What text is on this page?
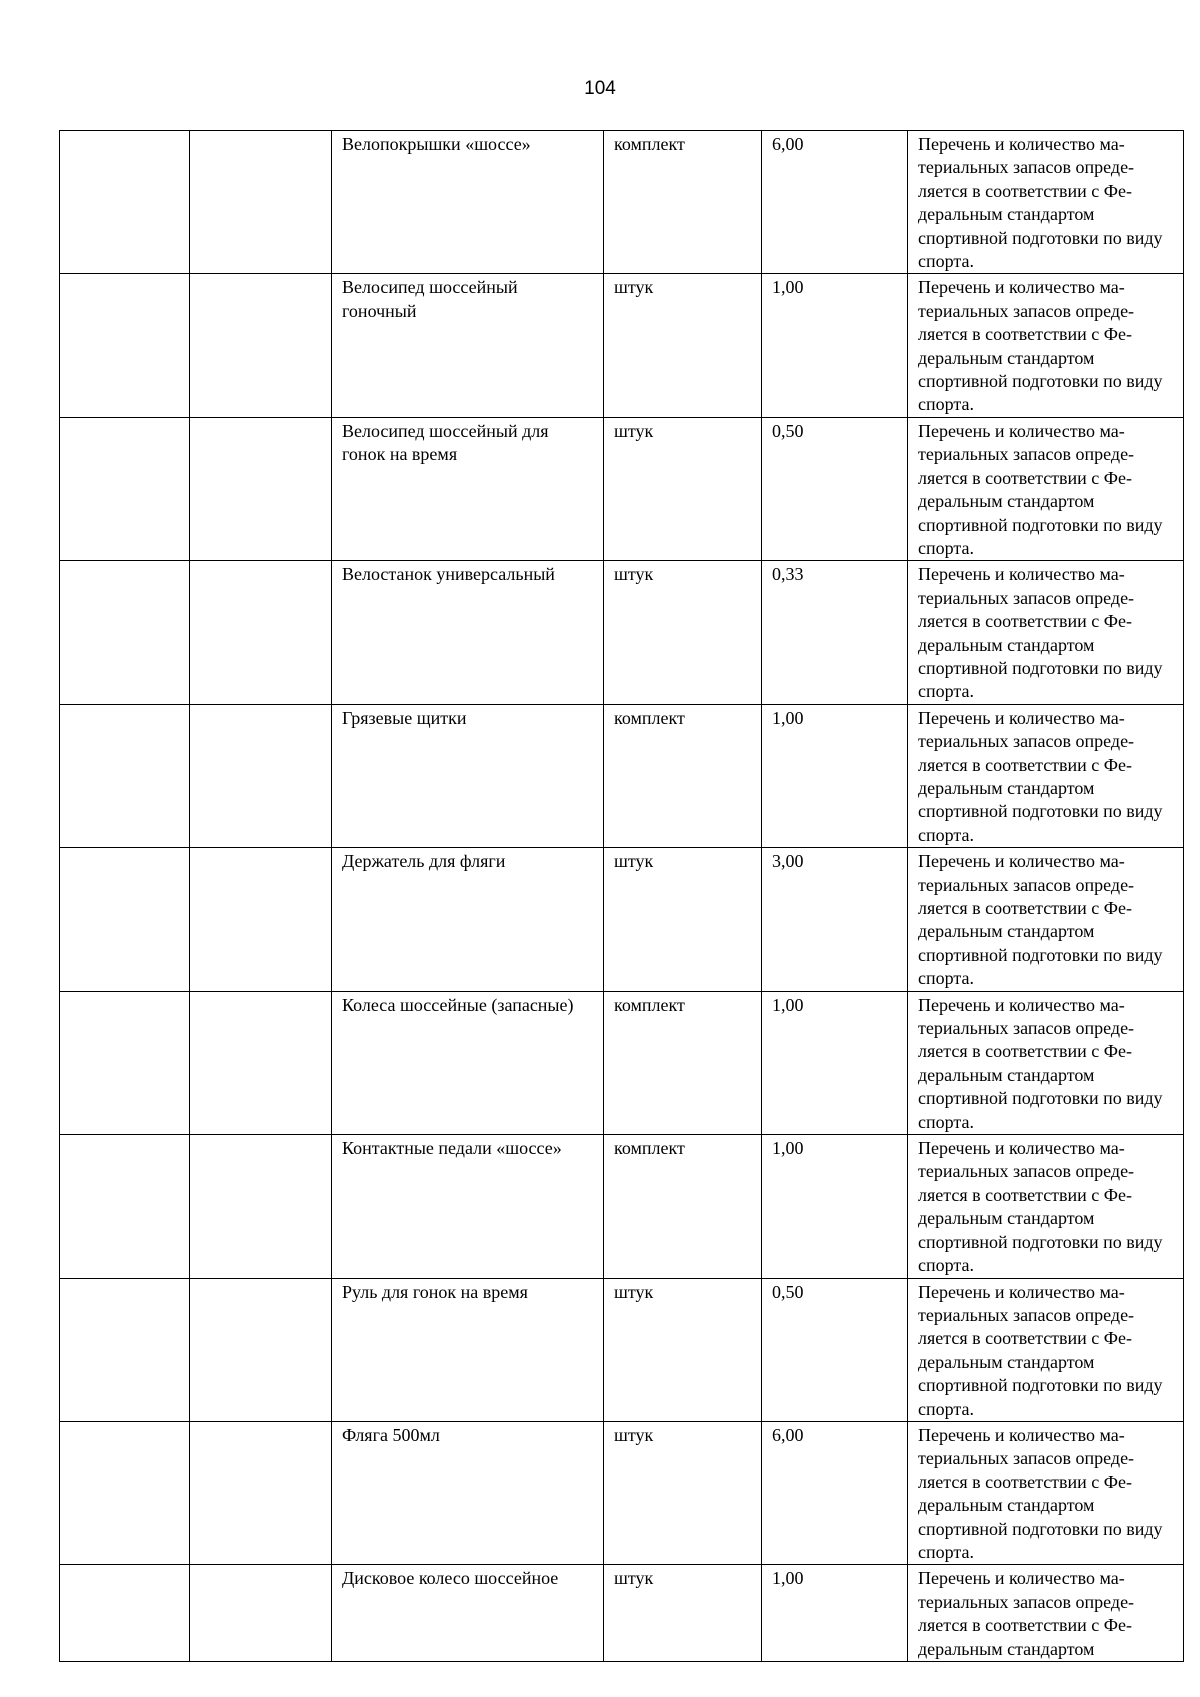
104
		Велопокрышки «шоссе»	комплект	6,00	Перечень и количество ма-териальных запасов опреде-ляется в соответствии с Фе-деральным стандартом спортивной подготовки по виду спорта.
		Велосипед шоссейный гоночный	штук	1,00	Перечень и количество ма-териальных запасов опреде-ляется в соответствии с Фе-деральным стандартом спортивной подготовки по виду спорта.
		Велосипед шоссейный для гонок на время	штук	0,50	Перечень и количество ма-териальных запасов опреде-ляется в соответствии с Фе-деральным стандартом спортивной подготовки по виду спорта.
		Велостанок универсальный	штук	0,33	Перечень и количество ма-териальных запасов опреде-ляется в соответствии с Фе-деральным стандартом спортивной подготовки по виду спорта.
		Грязевые щитки	комплект	1,00	Перечень и количество ма-териальных запасов опреде-ляется в соответствии с Фе-деральным стандартом спортивной подготовки по виду спорта.
		Держатель для фляги	штук	3,00	Перечень и количество ма-териальных запасов опреде-ляется в соответствии с Фе-деральным стандартом спортивной подготовки по виду спорта.
		Колеса шоссейные (запасные)	комплект	1,00	Перечень и количество ма-териальных запасов опреде-ляется в соответствии с Фе-деральным стандартом спортивной подготовки по виду спорта.
		Контактные педали «шоссе»	комплект	1,00	Перечень и количество ма-териальных запасов опреде-ляется в соответствии с Фе-деральным стандартом спортивной подготовки по виду спорта.
		Руль для гонок на время	штук	0,50	Перечень и количество ма-териальных запасов опреде-ляется в соответствии с Фе-деральным стандартом спортивной подготовки по виду спорта.
		Фляга 500мл	штук	6,00	Перечень и количество ма-териальных запасов опреде-ляется в соответствии с Фе-деральным стандартом спортивной подготовки по виду спорта.
		Дисковое колесо шоссейное	штук	1,00	Перечень и количество ма-териальных запасов опреде-ляется в соответствии с Фе-деральным стандартом
